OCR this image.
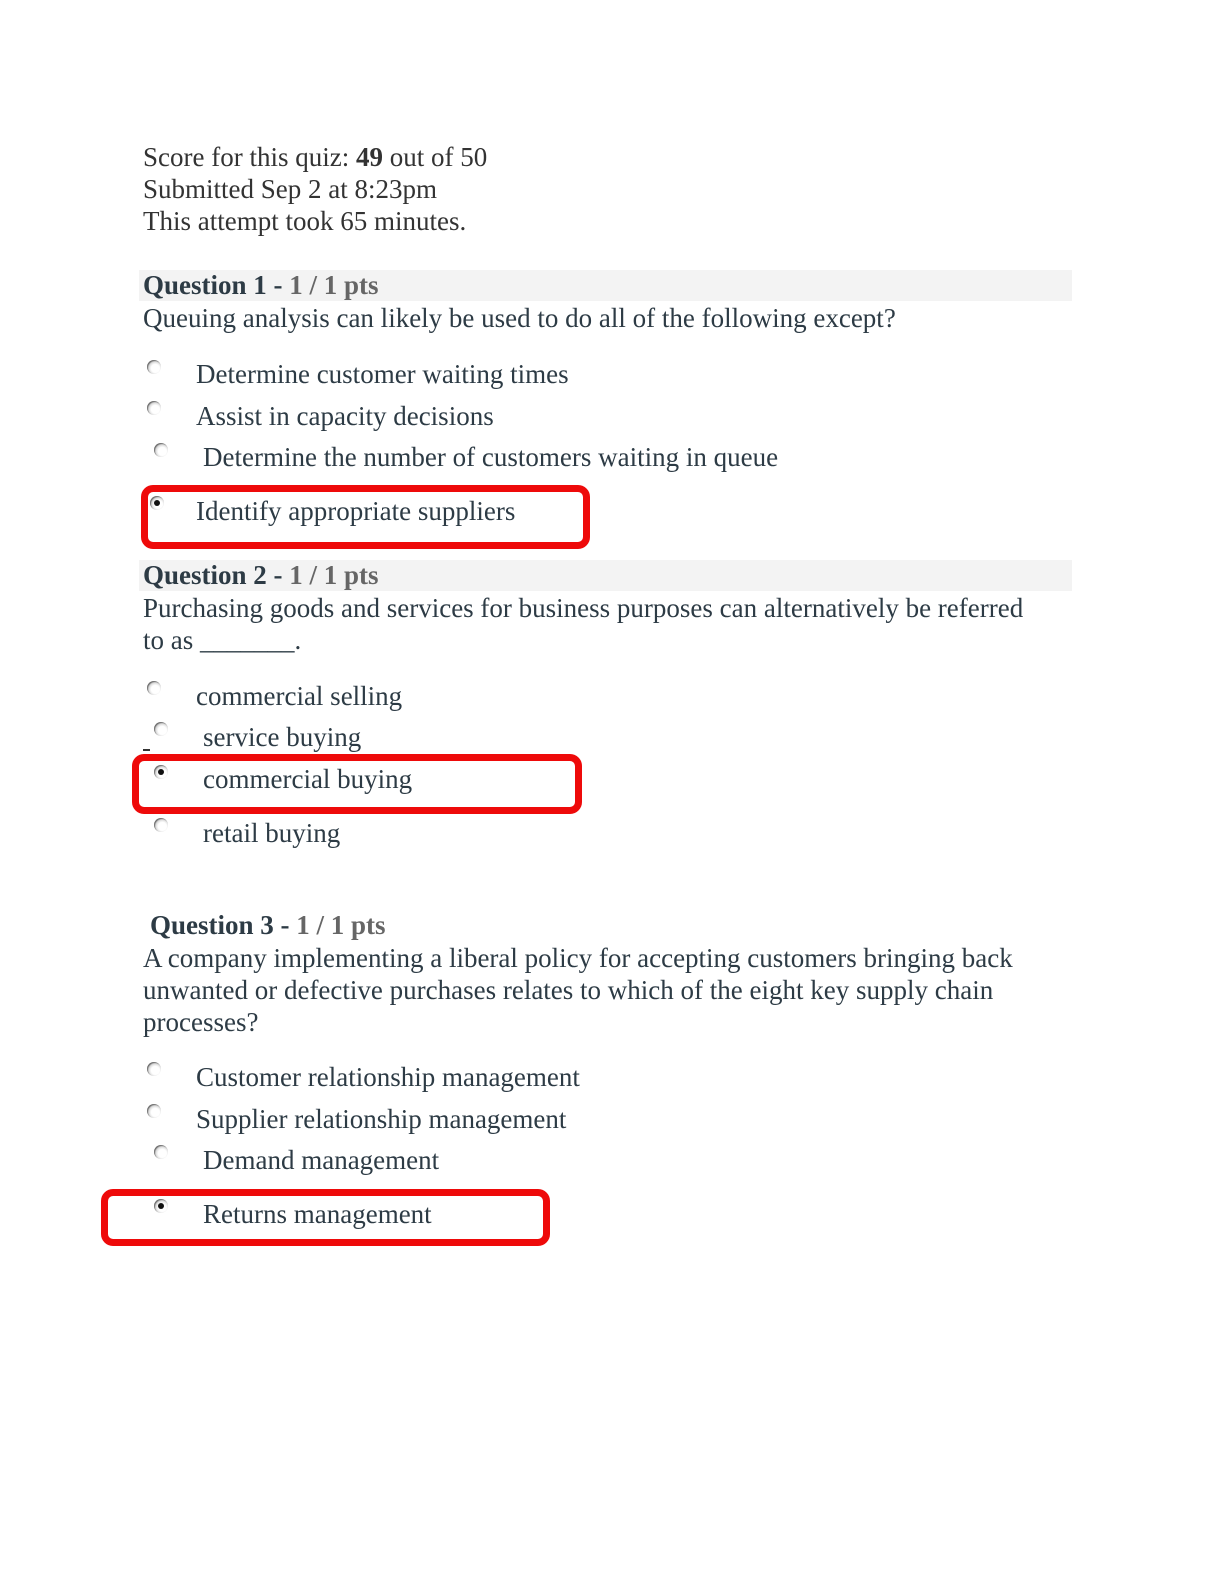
Score for this quiz: 49 out of 50
Submitted Sep 2 at 8:23pm
This attempt took 65 minutes.
Question 1 - 1 / 1 pts
Queuing analysis can likely be used to do all of the following except?
Determine customer waiting times
Assist in capacity decisions
Determine the number of customers waiting in queue
Identify appropriate suppliers
Question 2 - 1 / 1 pts
Purchasing goods and services for business purposes can alternatively be referred
to as _______.
commercial selling
service buying
commercial buying
retail buying
Question 3 - 1 / 1 pts
A company implementing a liberal policy for accepting customers bringing back
unwanted or defective purchases relates to which of the eight key supply chain
processes?
Customer relationship management
Supplier relationship management
Demand management
Returns management
